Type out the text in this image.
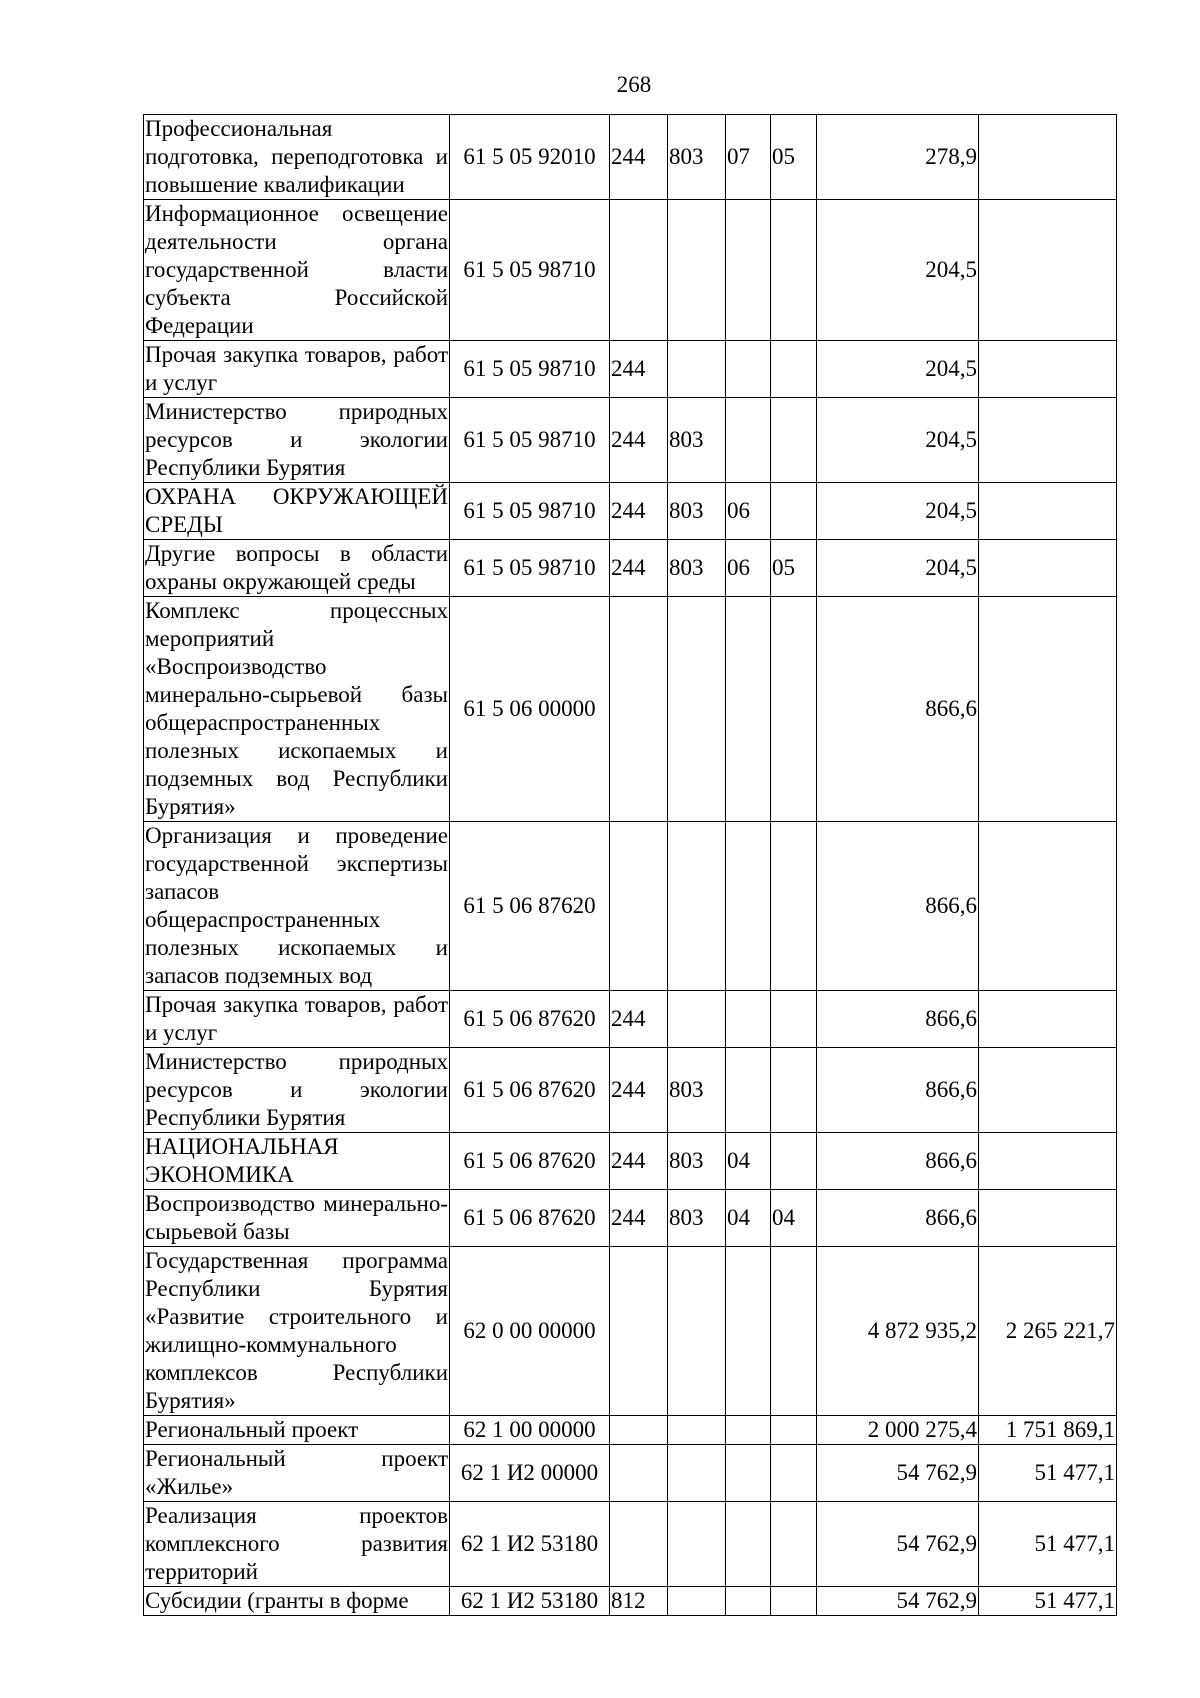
268
Профессиональная подготовка, переподготовка и повышение квалификации	61 5 05 92010	244	803	07	05	278,9	
Информационное освещение деятельности органа государственной власти субъекта Российской Федерации	61 5 05 98710					204,5	
Прочая закупка товаров, работ и услуг	61 5 05 98710	244				204,5	
Министерство природных ресурсов и экологии Республики Бурятия	61 5 05 98710	244	803			204,5	
ОХРАНА ОКРУЖАЮЩЕЙ СРЕДЫ	61 5 05 98710	244	803	06		204,5	
Другие вопросы в области охраны окружающей среды	61 5 05 98710	244	803	06	05	204,5	
Комплекс процессных мероприятий «Воспроизводство минерально-сырьевой базы общераспространенных полезных ископаемых и подземных вод Республики Бурятия»	61 5 06 00000					866,6	
Организация и проведение государственной экспертизы запасов общераспространенных полезных ископаемых и запасов подземных вод	61 5 06 87620					866,6	
Прочая закупка товаров, работ и услуг	61 5 06 87620	244				866,6	
Министерство природных ресурсов и экологии Республики Бурятия	61 5 06 87620	244	803			866,6	
НАЦИОНАЛЬНАЯ ЭКОНОМИКА	61 5 06 87620	244	803	04		866,6	
Воспроизводство минерально-сырьевой базы	61 5 06 87620	244	803	04	04	866,6	
Государственная программа Республики Бурятия «Развитие строительного и жилищно-коммунального комплексов Республики Бурятия»	62 0 00 00000					4 872 935,2	2 265 221,7
Региональный проект	62 1 00 00000					2 000 275,4	1 751 869,1
Региональный проект «Жилье»	62 1 И2 00000					54 762,9	51 477,1
Реализация проектов комплексного развития территорий	62 1 И2 53180					54 762,9	51 477,1
Субсидии (гранты в форме	62 1 И2 53180	812				54 762,9	51 477,1
